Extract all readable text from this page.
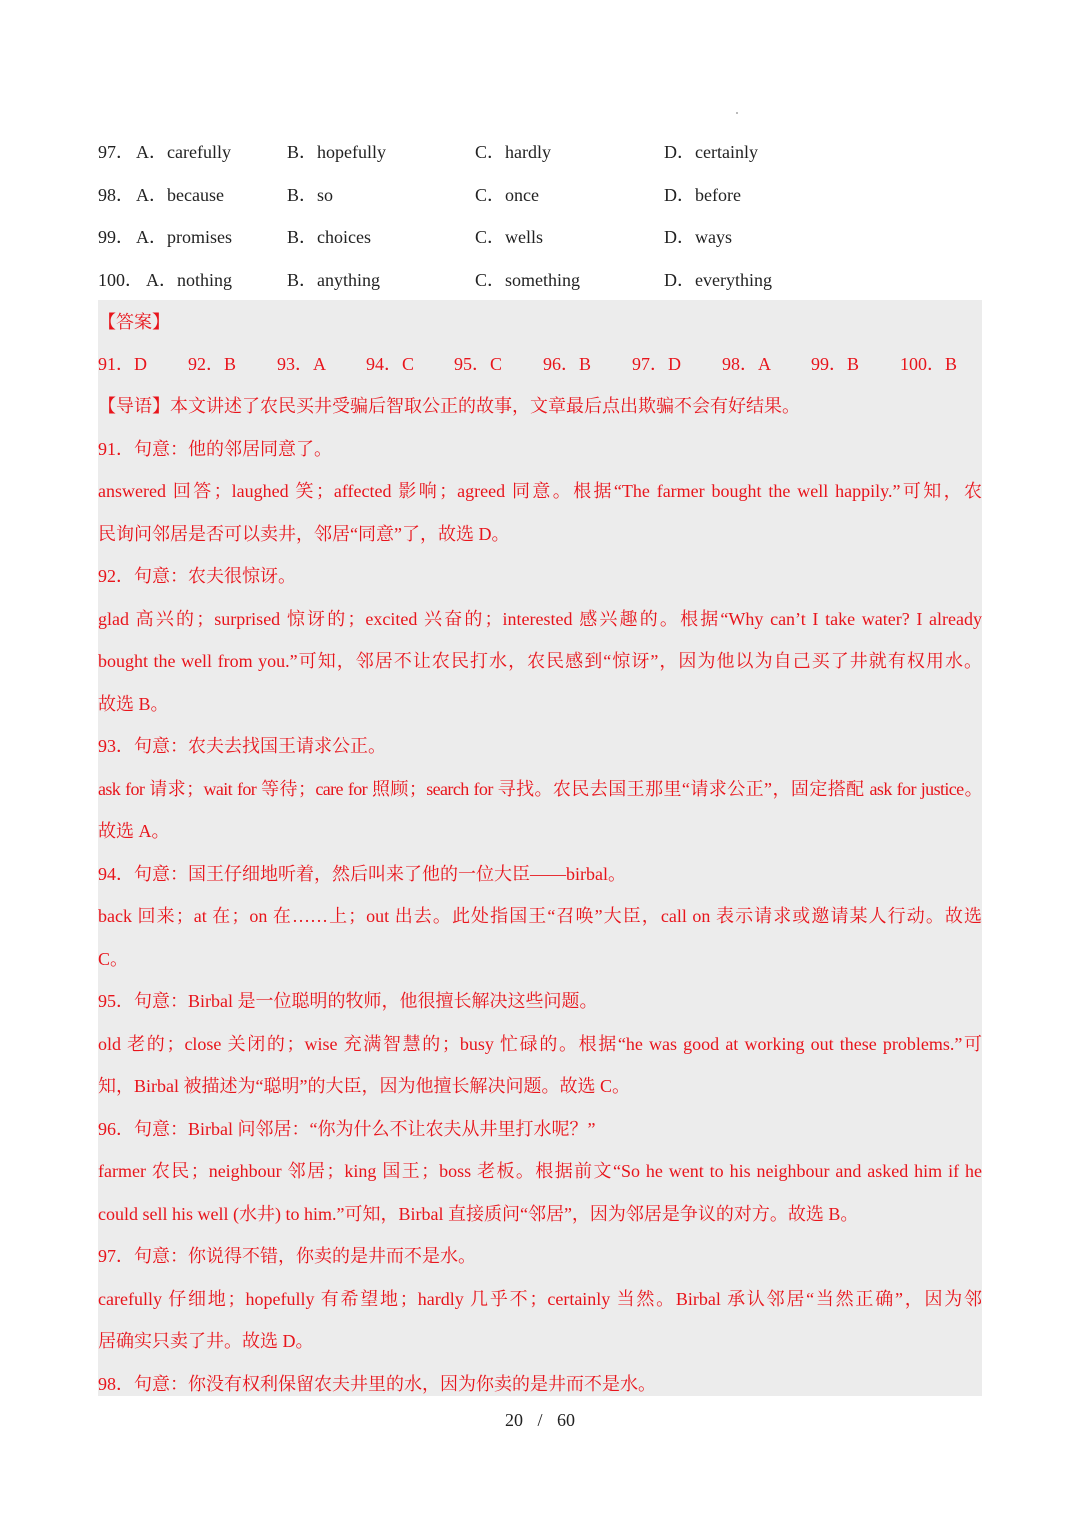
97． A．carefully	B．hopefully	C．hardly	D．certainly
98． A．because	B．so	C．once	D．before
99． A．promises	B．choices	C．wells	D．ways
100． A．nothing	B．anything	C．something	D．everything
【答案】
91．D 92．B 93．A 94．C 95．C 96．B 97．D 98．A 99．B 100．B
【导语】本文讲述了农民买井受骗后智取公正的故事，文章最后点出欺骗不会有好结果。
91．句意：他的邻居同意了。
answered 回答；laughed 笑；affected 影响；agreed 同意。根据“The farmer bought the well happily.”可知，农
民询问邻居是否可以卖井，邻居“同意”了，故选 D。
92．句意：农夫很惊讶。
glad 高兴的；surprised 惊讶的；excited 兴奋的；interested 感兴趣的。根据“Why can’t I take water? I already
bought the well from you.”可知，邻居不让农民打水，农民感到“惊讶”，因为他以为自己买了井就有权用水。
故选 B。
93．句意：农夫去找国王请求公正。
ask for 请求；wait for 等待；care for 照顾；search for 寻找。农民去国王那里“请求公正”，固定搭配 ask for justice。
故选 A。
94．句意：国王仔细地听着，然后叫来了他的一位大臣——birbal。
back 回来；at 在；on 在……上；out 出去。此处指国王“召唤”大臣，call on 表示请求或邀请某人行动。故选
C。
95．句意：Birbal 是一位聪明的牧师，他很擅长解决这些问题。
old 老的；close 关闭的；wise 充满智慧的；busy 忙碌的。根据“he was good at working out these problems.”可
知，Birbal 被描述为“聪明”的大臣，因为他擅长解决问题。故选 C。
96．句意：Birbal 问邻居：“你为什么不让农夫从井里打水呢？”
farmer 农民；neighbour 邻居；king 国王；boss 老板。根据前文“So he went to his neighbour and asked him if he
could sell his well (水井) to him.”可知，Birbal 直接质问“邻居”，因为邻居是争议的对方。故选 B。
97．句意：你说得不错，你卖的是井而不是水。
carefully 仔细地；hopefully 有希望地；hardly 几乎不；certainly 当然。Birbal 承认邻居“当然正确”，因为邻
居确实只卖了井。故选 D。
98．句意：你没有权利保留农夫井里的水，因为你卖的是井而不是水。
20 / 60
